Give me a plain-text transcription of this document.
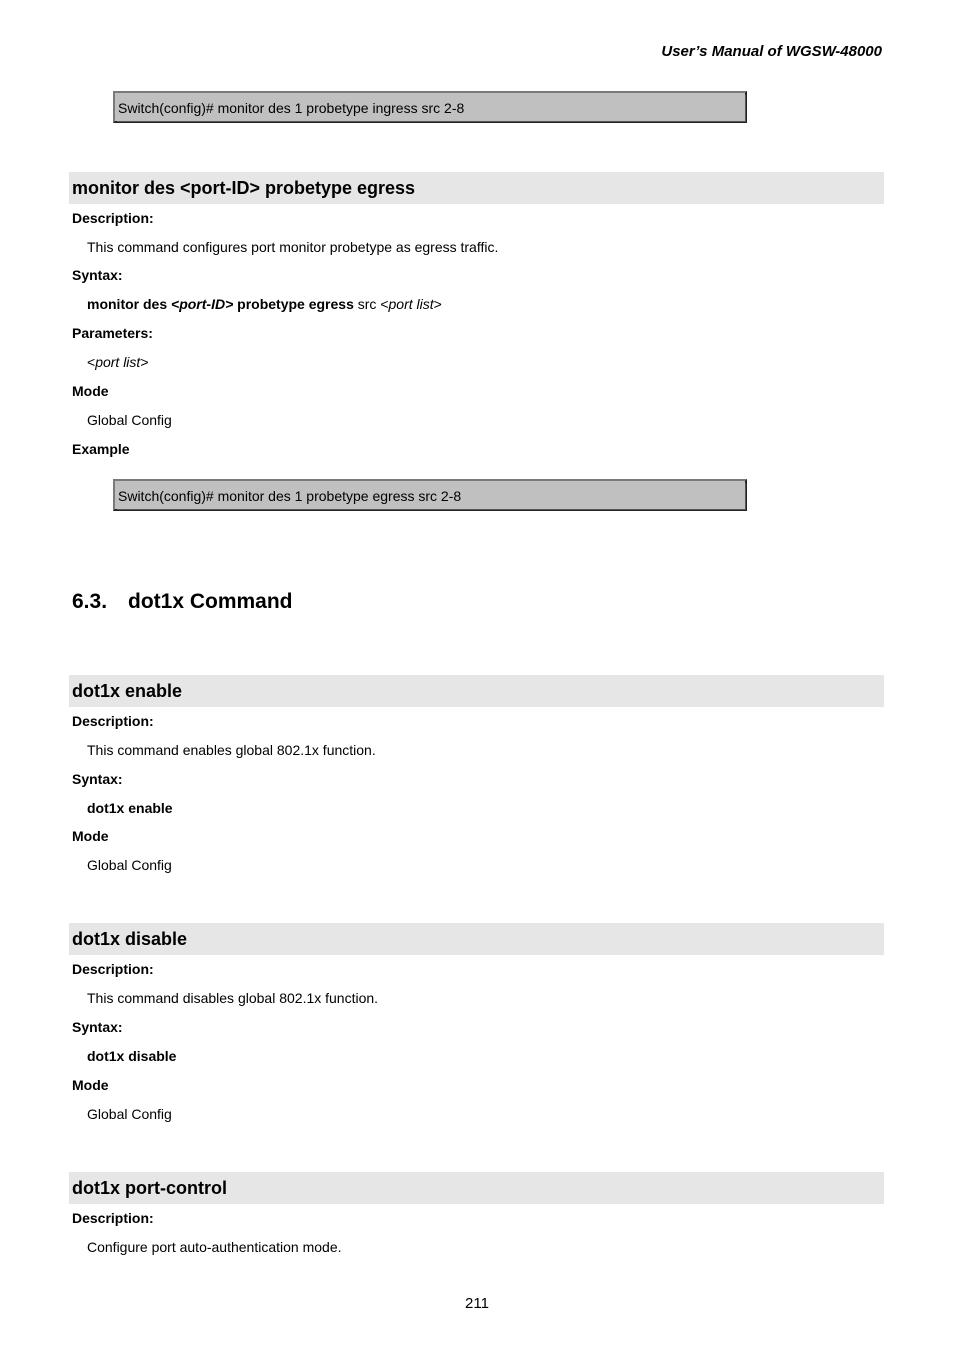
User’s Manual of WGSW-48000
Switch(config)# monitor des 1 probetype ingress src 2-8
monitor des <port-ID> probetype egress
Description:
This command configures port monitor probetype as egress traffic.
Syntax:
monitor des <port-ID> probetype egress src <port list>
Parameters:
<port list>
Mode
Global Config
Example
Switch(config)# monitor des 1 probetype egress src 2-8
6.3. dot1x Command
dot1x enable
Description:
This command enables global 802.1x function.
Syntax:
dot1x enable
Mode
Global Config
dot1x disable
Description:
This command disables global 802.1x function.
Syntax:
dot1x disable
Mode
Global Config
dot1x port-control
Description:
Configure port auto-authentication mode.
211
